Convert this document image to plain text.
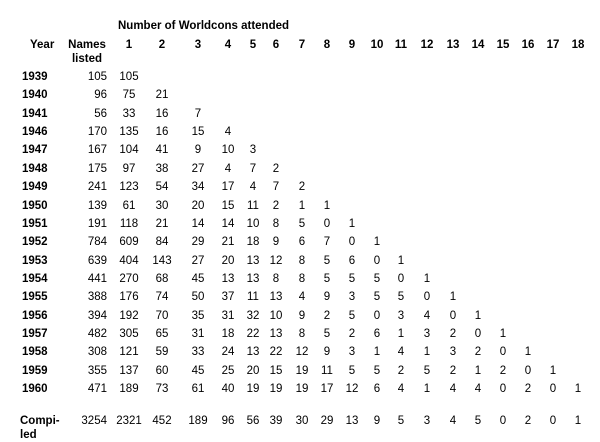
Number of Worldcons attended
Year	Names
listed
1	2	3	4	5	6	7	8	9	10	11	12	13	14	15	16	17	18
1939	105	105
1940	96	75	21
1941	56	33	16	7
1946	170	135	16	15	4
1947	167	104	41	9	10	3
1948	175	97	38	27	4	7	2
1949	241	123	54	34	17	4	7	2
1950	139	61	30	20	15	11	2	1	1
1951	191	118	21	14	14	10	8	5	0	1
1952	784	609	84	29	21	18	9	6	7	0	1
1953	639	404	143	27	20	13 12	8	5	6	0	1
1954	441	270	68	45	13	13	8	8	5	5	5	0	1
1955	388	176	74	50	37	11 13	4	9	3	5	5	0	1
1956	394	192	70	35	31	32 10	9	2	5	0	3	4	0	1
1957	482	305	65	31	18	22 13	8	5	2	6	1	3	2	0	1
1958	308	121	59	33	24	13 22	12	9	3	1	4	1	3	2	0	1
1959	355	137	60	45	25	20 15	19	11	5	5	2	5	2	1	2	0	1
1960	471	189	73	61	40	19 19	19	17	12	6	4	1	4	4	0	2	0	1
Compi-
led
3254 2321 452	189	96	56 39	30	29	13	9	5	3	4	5	0	2	0	1
